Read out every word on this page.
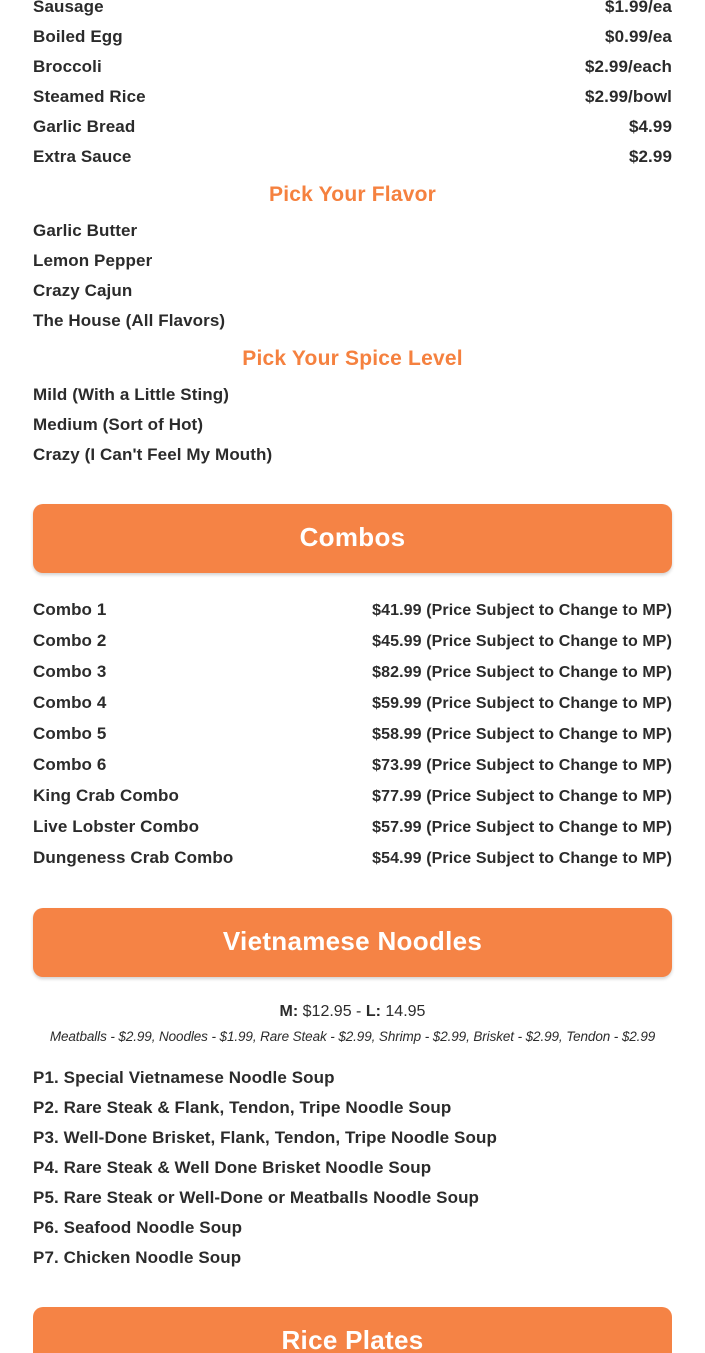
Sausage	$1.99/ea
Boiled Egg	$0.99/ea
Broccoli	$2.99/each
Steamed Rice	$2.99/bowl
Garlic Bread	$4.99
Extra Sauce	$2.99
Pick Your Flavor
Garlic Butter
Lemon Pepper
Crazy Cajun
The House (All Flavors)
Pick Your Spice Level
Mild (With a Little Sting)
Medium (Sort of Hot)
Crazy (I Can't Feel My Mouth)
Combos
Combo 1	$41.99 (Price Subject to Change to MP)
Combo 2	$45.99 (Price Subject to Change to MP)
Combo 3	$82.99 (Price Subject to Change to MP)
Combo 4	$59.99 (Price Subject to Change to MP)
Combo 5	$58.99 (Price Subject to Change to MP)
Combo 6	$73.99 (Price Subject to Change to MP)
King Crab Combo	$77.99 (Price Subject to Change to MP)
Live Lobster Combo	$57.99 (Price Subject to Change to MP)
Dungeness Crab Combo	$54.99 (Price Subject to Change to MP)
Vietnamese Noodles
M: $12.95 - L: 14.95
Meatballs - $2.99, Noodles - $1.99, Rare Steak - $2.99, Shrimp - $2.99, Brisket - $2.99, Tendon - $2.99
P1. Special Vietnamese Noodle Soup
P2. Rare Steak & Flank, Tendon, Tripe Noodle Soup
P3. Well-Done Brisket, Flank, Tendon, Tripe Noodle Soup
P4. Rare Steak & Well Done Brisket Noodle Soup
P5. Rare Steak or Well-Done or Meatballs Noodle Soup
P6. Seafood Noodle Soup
P7. Chicken Noodle Soup
Rice Plates
